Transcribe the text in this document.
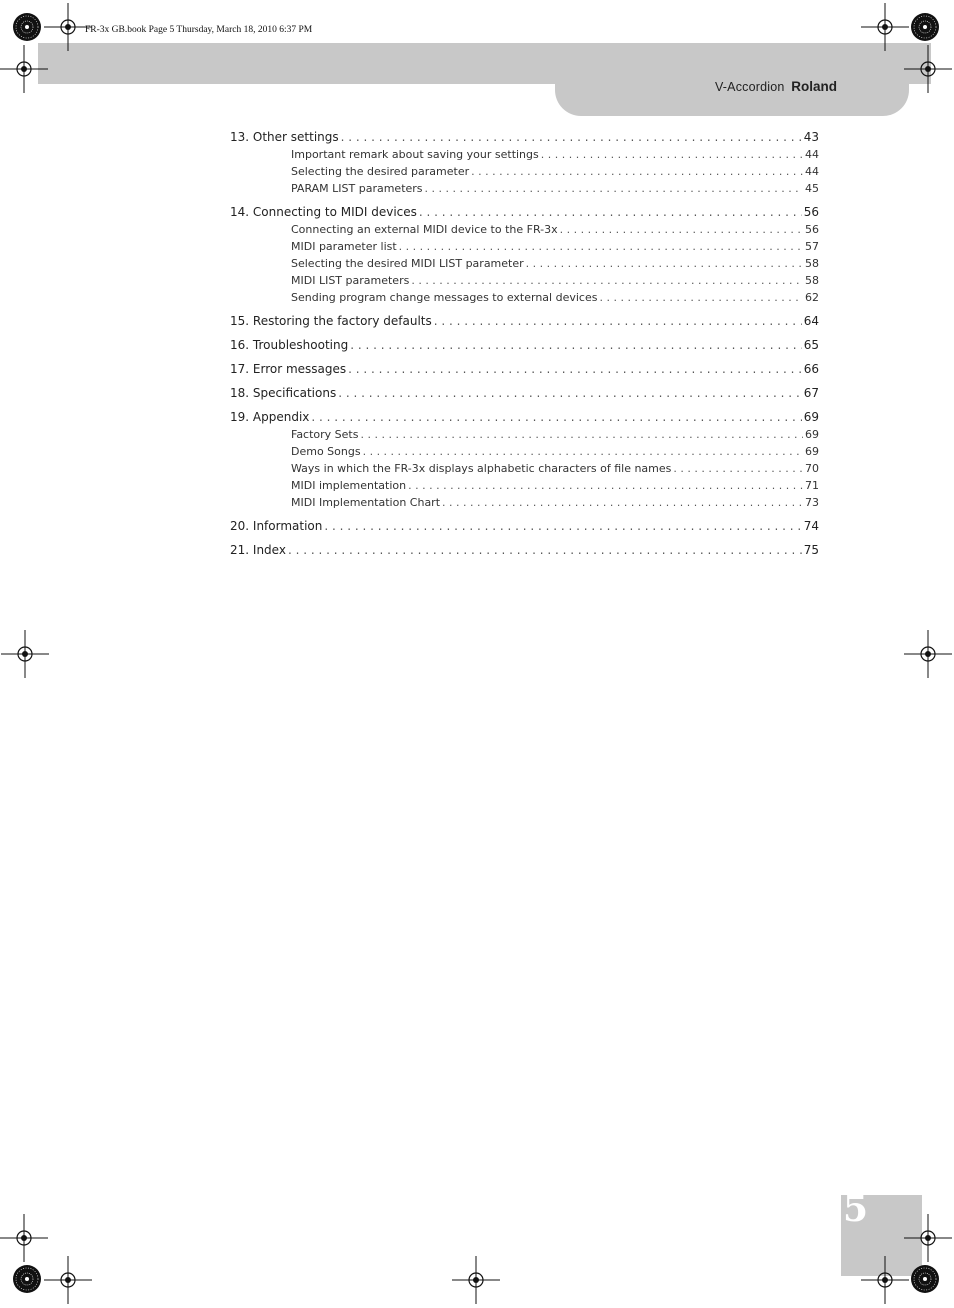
FR-3x GB.book Page 5 Thursday, March 18, 2010 6:37 PM
V-Accordion Roland
13. Other settings . . .	43
Important remark about saving your settings . . .	44
Selecting the desired parameter . . .	44
PARAM LIST parameters . . .	45
14. Connecting to MIDI devices . . .	56
Connecting an external MIDI device to the FR-3x . . .	56
MIDI parameter list . . .	57
Selecting the desired MIDI LIST parameter . . .	58
MIDI LIST parameters . . .	58
Sending program change messages to external devices . . .	62
15. Restoring the factory defaults . . .	64
16. Troubleshooting . . .	65
17. Error messages . . .	66
18. Specifications . . .	67
19. Appendix . . .	69
Factory Sets . . .	69
Demo Songs . . .	69
Ways in which the FR-3x displays alphabetic characters of file names . . .	70
MIDI implementation . . .	71
MIDI Implementation Chart . . .	73
20. Information . . .	74
21. Index . . .	75
5
